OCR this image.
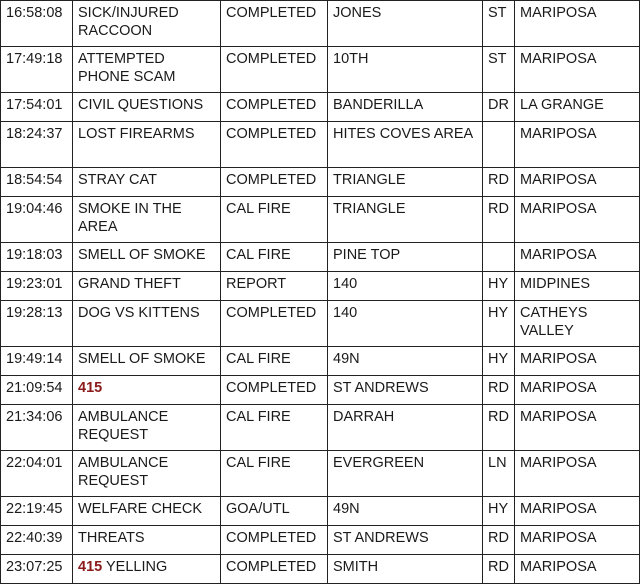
16:58:08	SICK/INJURED RACCOON	COMPLETED	JONES	ST	MARIPOSA
17:49:18	ATTEMPTED PHONE SCAM	COMPLETED	10TH	ST	MARIPOSA
17:54:01	CIVIL QUESTIONS	COMPLETED	BANDERILLA	DR	LA GRANGE
18:24:37	LOST FIREARMS	COMPLETED	HITES COVES AREA		MARIPOSA
18:54:54	STRAY CAT	COMPLETED	TRIANGLE	RD	MARIPOSA
19:04:46	SMOKE IN THE AREA	CAL FIRE	TRIANGLE	RD	MARIPOSA
19:18:03	SMELL OF SMOKE	CAL FIRE	PINE TOP		MARIPOSA
19:23:01	GRAND THEFT	REPORT	140	HY	MIDPINES
19:28:13	DOG VS KITTENS	COMPLETED	140	HY	CATHEYS VALLEY
19:49:14	SMELL OF SMOKE	CAL FIRE	49N	HY	MARIPOSA
21:09:54	415	COMPLETED	ST ANDREWS	RD	MARIPOSA
21:34:06	AMBULANCE REQUEST	CAL FIRE	DARRAH	RD	MARIPOSA
22:04:01	AMBULANCE REQUEST	CAL FIRE	EVERGREEN	LN	MARIPOSA
22:19:45	WELFARE CHECK	GOA/UTL	49N	HY	MARIPOSA
22:40:39	THREATS	COMPLETED	ST ANDREWS	RD	MARIPOSA
23:07:25	415 YELLING	COMPLETED	SMITH	RD	MARIPOSA
